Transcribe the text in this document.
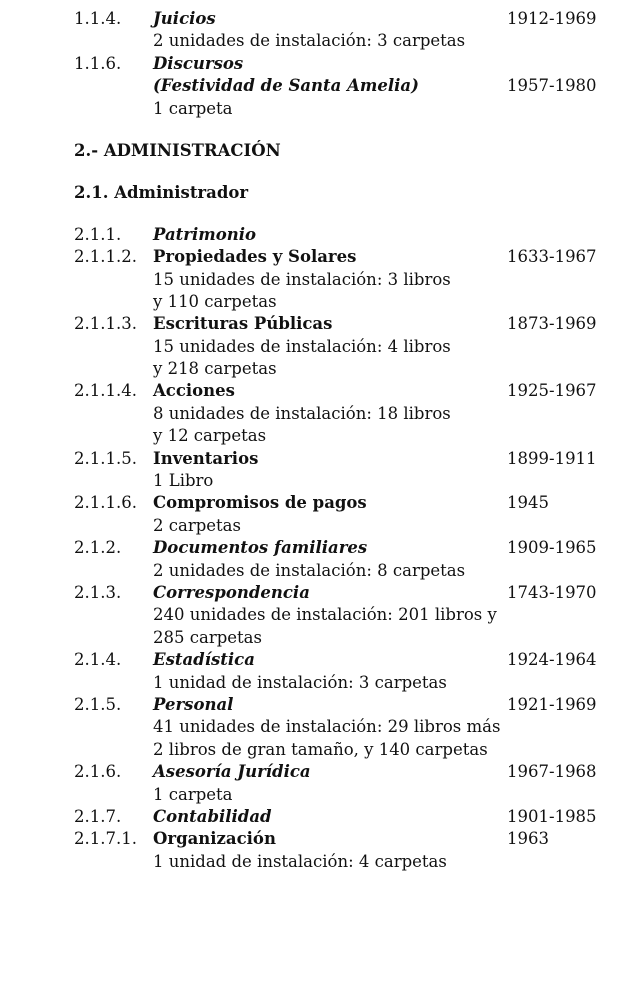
1.1.4. Juicios	1912-1969
2 unidades de instalación: 3 carpetas
1.1.6. Discursos
(Festividad de Santa Amelia)	1957-1980
1 carpeta
2.- ADMINISTRACIÓN
2.1. Administrador
2.1.1. Patrimonio
2.1.1.2. Propiedades y Solares	1633-1967
15 unidades de instalación: 3 libros
y 110 carpetas
2.1.1.3. Escrituras Públicas	1873-1969
15 unidades de instalación: 4 libros
y 218 carpetas
2.1.1.4. Acciones	1925-1967
8 unidades de instalación: 18 libros
y 12 carpetas
2.1.1.5. Inventarios	1899-1911
1 Libro
2.1.1.6. Compromisos de pagos	1945
2 carpetas
2.1.2. Documentos familiares	1909-1965
2 unidades de instalación: 8 carpetas
2.1.3. Correspondencia	1743-1970
240 unidades de instalación: 201 libros y
285 carpetas
2.1.4. Estadística	1924-1964
1 unidad de instalación: 3 carpetas
2.1.5. Personal	1921-1969
41 unidades de instalación: 29 libros más
2 libros de gran tamaño, y 140 carpetas
2.1.6. Asesoría Jurídica	1967-1968
1 carpeta
2.1.7. Contabilidad	1901-1985
2.1.7.1. Organización	1963
1 unidad de instalación: 4 carpetas
